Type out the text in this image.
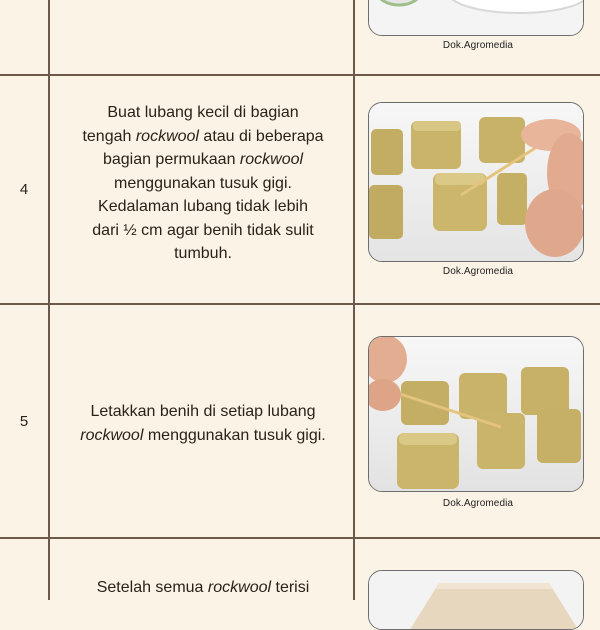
Dok.Agromedia
4
Buat lubang kecil di bagian
tengah rockwool atau di beberapa
bagian permukaan rockwool
menggunakan tusuk gigi.
Kedalaman lubang tidak lebih
dari ½ cm agar benih tidak sulit
tumbuh.
Dok.Agromedia
5
Letakkan benih di setiap lubang
rockwool menggunakan tusuk gigi.
Dok.Agromedia
Setelah semua rockwool terisi
